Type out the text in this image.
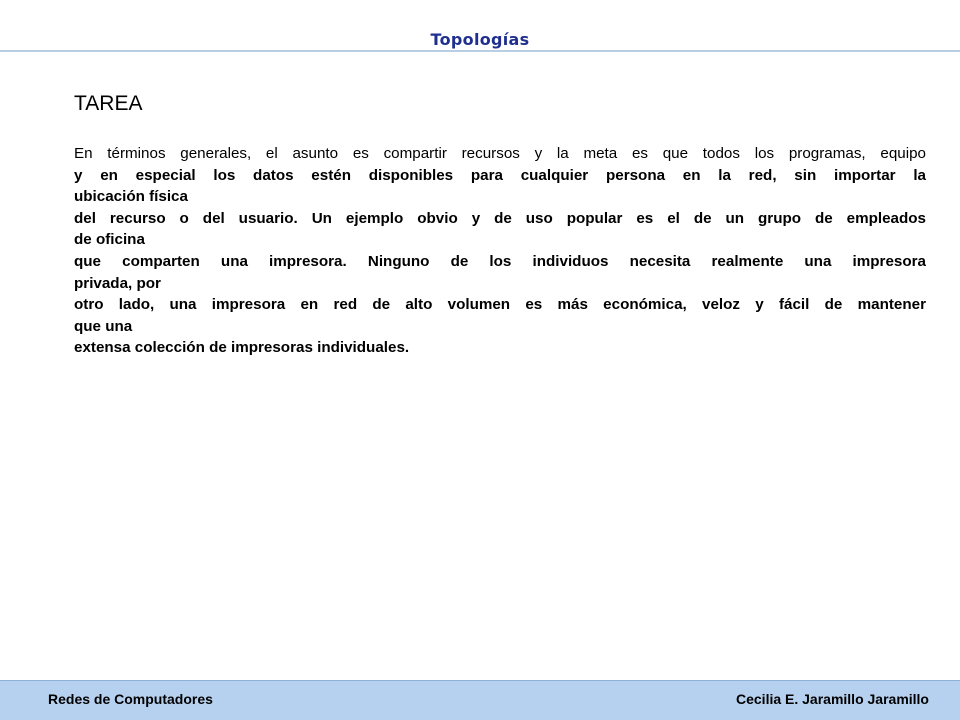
Topologías
TAREA
En términos generales, el asunto es compartir recursos y la meta es que todos los programas, equipo
y en especial los datos estén disponibles para cualquier persona en la red, sin importar la
ubicación física
del recurso o del usuario. Un ejemplo obvio y de uso popular es el de un grupo de empleados
de oficina
que comparten una impresora. Ninguno de los individuos necesita realmente una impresora
privada, por
otro lado, una impresora en red de alto volumen es más económica, veloz y fácil de mantener
que una
extensa colección de impresoras individuales.
Redes de Computadores	Cecilia E. Jaramillo Jaramillo
